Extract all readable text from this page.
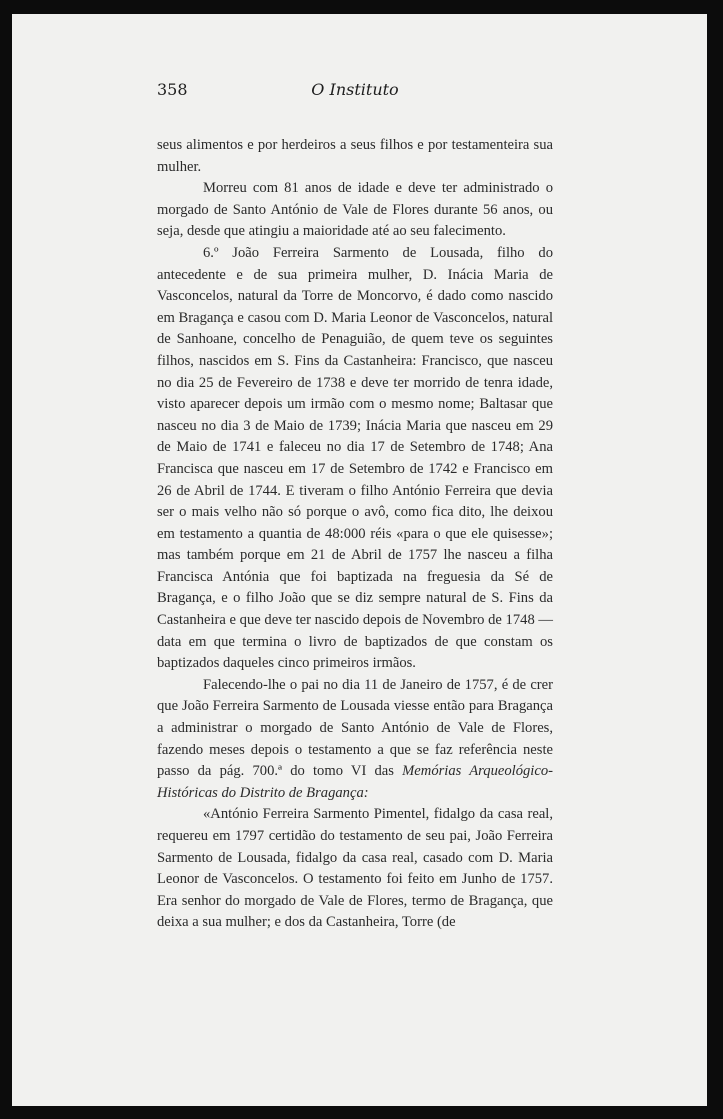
358	O Instituto

seus alimentos e por herdeiros a seus filhos e por testamenteira sua mulher.

Morreu com 81 anos de idade e deve ter administrado o morgado de Santo António de Vale de Flores durante 56 anos, ou seja, desde que atingiu a maioridade até ao seu falecimento.

6.º João Ferreira Sarmento de Lousada, filho do antecedente e de sua primeira mulher, D. Inácia Maria de Vasconcelos, natural da Torre de Moncorvo, é dado como nascido em Bragança e casou com D. Maria Leonor de Vasconcelos, natural de Sanhoane, concelho de Penaguião, de quem teve os seguintes filhos, nascidos em S. Fins da Castanheira: Francisco, que nasceu no dia 25 de Fevereiro de 1738 e deve ter morrido de tenra idade, visto aparecer depois um irmão com o mesmo nome; Baltasar que nasceu no dia 3 de Maio de 1739; Inácia Maria que nasceu em 29 de Maio de 1741 e faleceu no dia 17 de Setembro de 1748; Ana Francisca que nasceu em 17 de Setembro de 1742 e Francisco em 26 de Abril de 1744. E tiveram o filho António Ferreira que devia ser o mais velho não só porque o avô, como fica dito, lhe deixou em testamento a quantia de 48:000 réis «para o que ele quisesse»; mas também porque em 21 de Abril de 1757 lhe nasceu a filha Francisca Antónia que foi baptizada na freguesia da Sé de Bragança, e o filho João que se diz sempre natural de S. Fins da Castanheira e que deve ter nascido depois de Novembro de 1748 — data em que termina o livro de baptizados de que constam os baptizados daqueles cinco primeiros irmãos.

Falecendo-lhe o pai no dia 11 de Janeiro de 1757, é de crer que João Ferreira Sarmento de Lousada viesse então para Bragança a administrar o morgado de Santo António de Vale de Flores, fazendo meses depois o testamento a que se faz referência neste passo da pág. 700.ª do tomo VI das Memórias Arqueológico-Históricas do Distrito de Bragança:

«António Ferreira Sarmento Pimentel, fidalgo da casa real, requereu em 1797 certidão do testamento de seu pai, João Ferreira Sarmento de Lousada, fidalgo da casa real, casado com D. Maria Leonor de Vasconcelos. O testamento foi feito em Junho de 1757. Era senhor do morgado de Vale de Flores, termo de Bragança, que deixa a sua mulher; e dos da Castanheira, Torre (de
